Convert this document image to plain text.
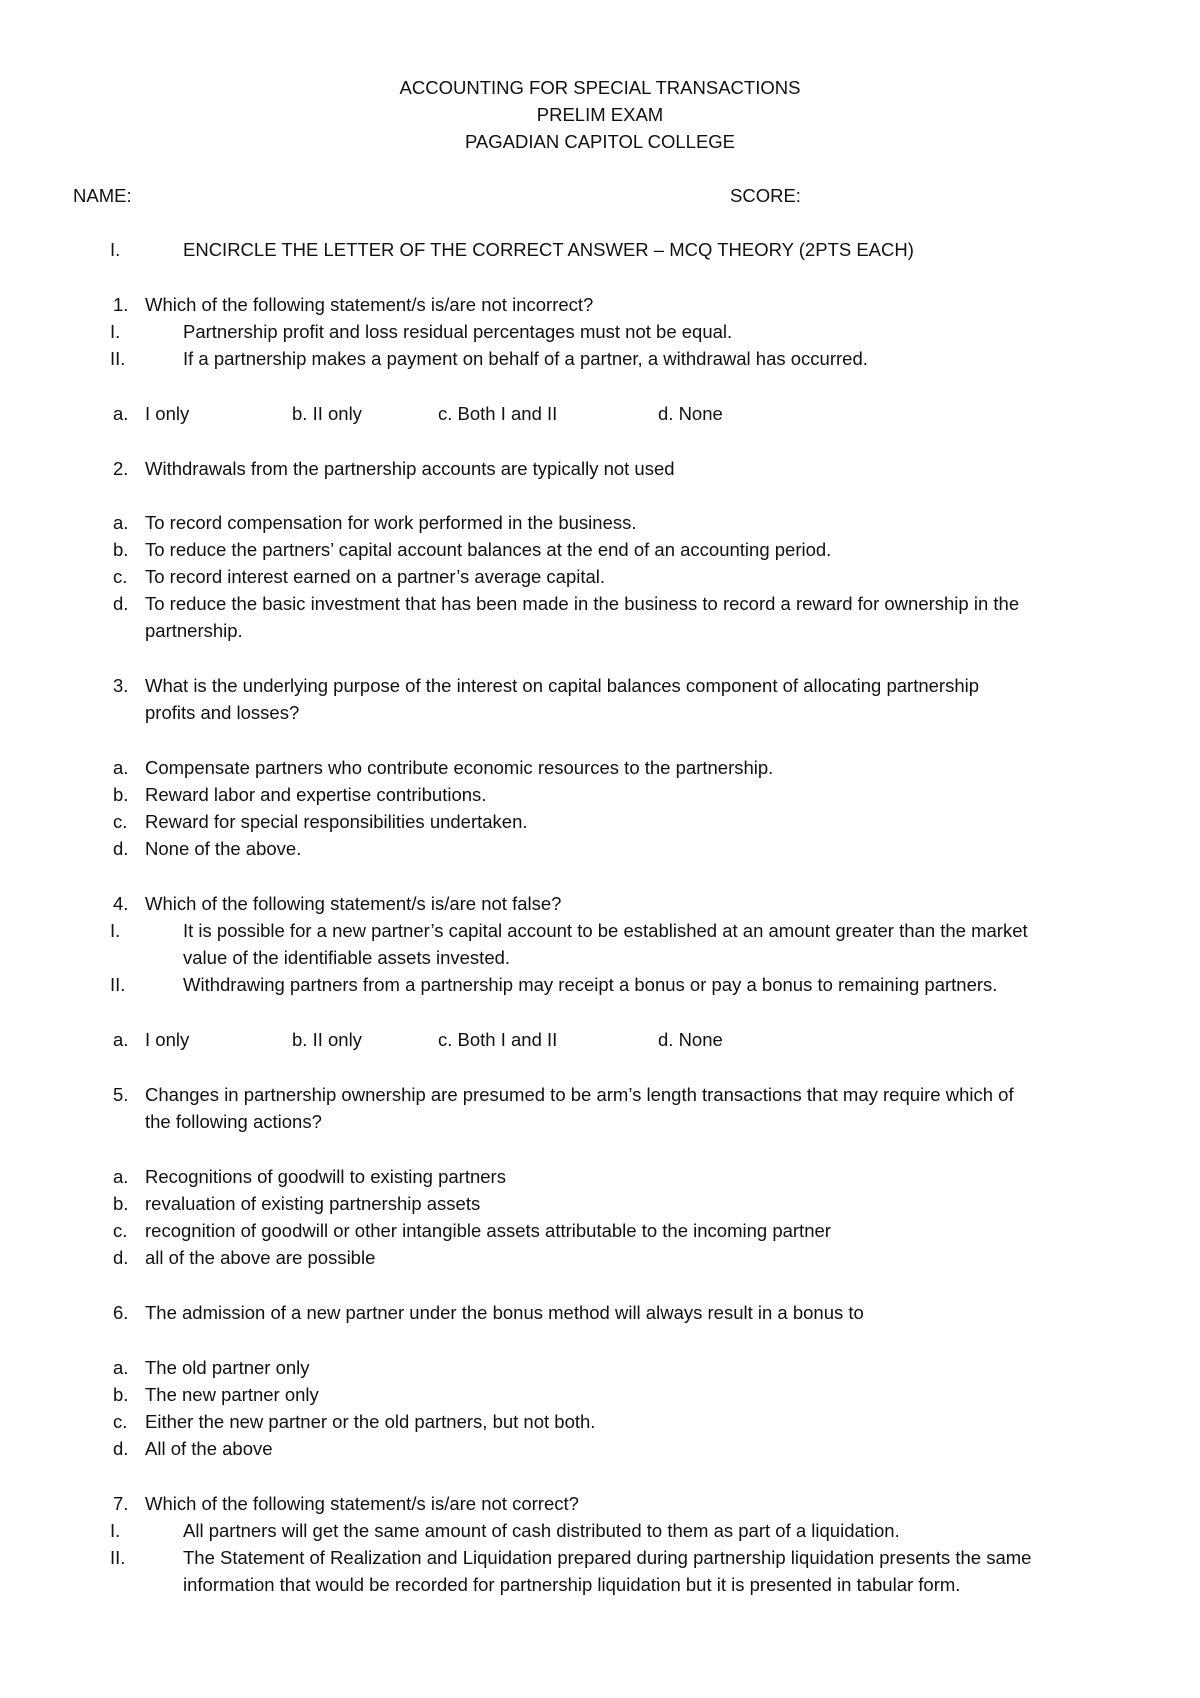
ACCOUNTING FOR SPECIAL TRANSACTIONS
PRELIM EXAM
PAGADIAN CAPITOL COLLEGE
NAME:	SCORE:
I.	ENCIRCLE THE LETTER OF THE CORRECT ANSWER – MCQ THEORY (2PTS EACH)
1. Which of the following statement/s is/are not incorrect?
I.	Partnership profit and loss residual percentages must not be equal.
II.	If a partnership makes a payment on behalf of a partner, a withdrawal has occurred.
a. I only	b. II only	c. Both I and II	d. None
2. Withdrawals from the partnership accounts are typically not used
a. To record compensation for work performed in the business.
b. To reduce the partners’ capital account balances at the end of an accounting period.
c. To record interest earned on a partner’s average capital.
d. To reduce the basic investment that has been made in the business to record a reward for ownership in the
partnership.
3. What is the underlying purpose of the interest on capital balances component of allocating partnership
profits and losses?
a. Compensate partners who contribute economic resources to the partnership.
b. Reward labor and expertise contributions.
c. Reward for special responsibilities undertaken.
d. None of the above.
4. Which of the following statement/s is/are not false?
I.	It is possible for a new partner’s capital account to be established at an amount greater than the market
value of the identifiable assets invested.
II.	Withdrawing partners from a partnership may receipt a bonus or pay a bonus to remaining partners.
a. I only	b. II only	c. Both I and II	d. None
5. Changes in partnership ownership are presumed to be arm’s length transactions that may require which of
the following actions?
a. Recognitions of goodwill to existing partners
b. revaluation of existing partnership assets
c. recognition of goodwill or other intangible assets attributable to the incoming partner
d. all of the above are possible
6. The admission of a new partner under the bonus method will always result in a bonus to
a. The old partner only
b. The new partner only
c. Either the new partner or the old partners, but not both.
d. All of the above
7. Which of the following statement/s is/are not correct?
I.	All partners will get the same amount of cash distributed to them as part of a liquidation.
II.	The Statement of Realization and Liquidation prepared during partnership liquidation presents the same
information that would be recorded for partnership liquidation but it is presented in tabular form.
